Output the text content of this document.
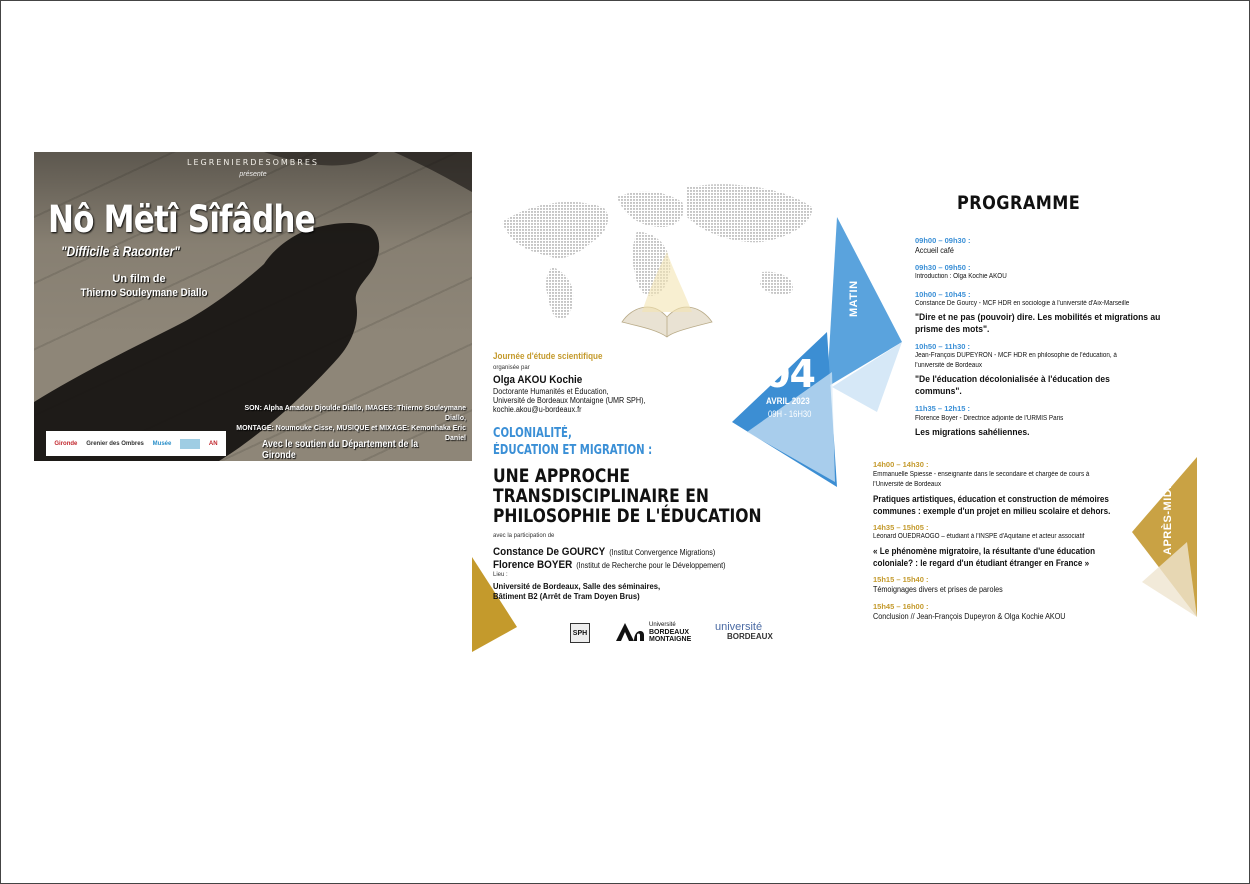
LEGRENIERDESOMBRES
présente
Nô Mëtî Sîfâdhe
"Difficile à Raconter"
Un film de
Thierno Souleymane Diallo
SON: Alpha Amadou Djoulde Diallo, IMAGES: Thierno Souleymane Diallo,
MONTAGE: Noumouke Cisse, MUSIQUE et MIXAGE: Kemonhaka Eric Daniel
Gironde Grenier des Ombres Musée	AN	Avec le soutien du Département de la Gironde
MATIN
04
AVRIL 2023
09H - 16H30
APRÈS-MIDI
Journée d'étude scientifique
organisée par
Olga AKOU Kochie
Doctorante Humanités et Éducation,
Université de Bordeaux Montaigne (UMR SPH),
kochie.akou@u-bordeaux.fr
COLONIALITÉ,
ÉDUCATION ET MIGRATION :
UNE APPROCHE
TRANSDISCIPLINAIRE EN
PHILOSOPHIE DE L'ÉDUCATION
avec la participation de
Constance De GOURCY (Institut Convergence Migrations)
Florence BOYER (Institut de Recherche pour le Développement)
Lieu :
Université de Bordeaux, Salle des séminaires,
Bâtiment B2 (Arrêt de Tram Doyen Brus)
SPH
Université
BORDEAUX
MONTAIGNE
université
BORDEAUX
PROGRAMME
09h00 – 09h30 :
Accueil café
09h30 – 09h50 :
Introduction : Olga Kochie AKOU
10h00 – 10h45 :
Constance De Gourcy - MCF HDR en sociologie à l'université d'Aix-Marseille
"Dire et ne pas (pouvoir) dire. Les mobilités et migrations au prisme des mots".
10h50 – 11h30 :
Jean-François DUPEYRON - MCF HDR en philosophie de l'éducation, à
l'université de Bordeaux
"De l'éducation décolonialisée à l'éducation des communs".
11h35 – 12h15 :
Florence Boyer - Directrice adjointe de l'URMIS Paris
Les migrations sahéliennes.
14h00 – 14h30 :
Emmanuelle Spiesse - enseignante dans le secondaire et chargée de cours à
l'Université de Bordeaux
Pratiques artistiques, éducation et construction de mémoires communes : exemple d'un projet en milieu scolaire et dehors.
14h35 – 15h05 :
Léonard OUEDRAOGO – étudiant à l'INSPE d'Aquitaine et acteur associatif
« Le phénomène migratoire, la résultante d'une éducation coloniale? : le regard d'un étudiant étranger en France »
15h15 – 15h40 :
Témoignages divers et prises de paroles
15h45 – 16h00 :
Conclusion // Jean-François Dupeyron & Olga Kochie AKOU
